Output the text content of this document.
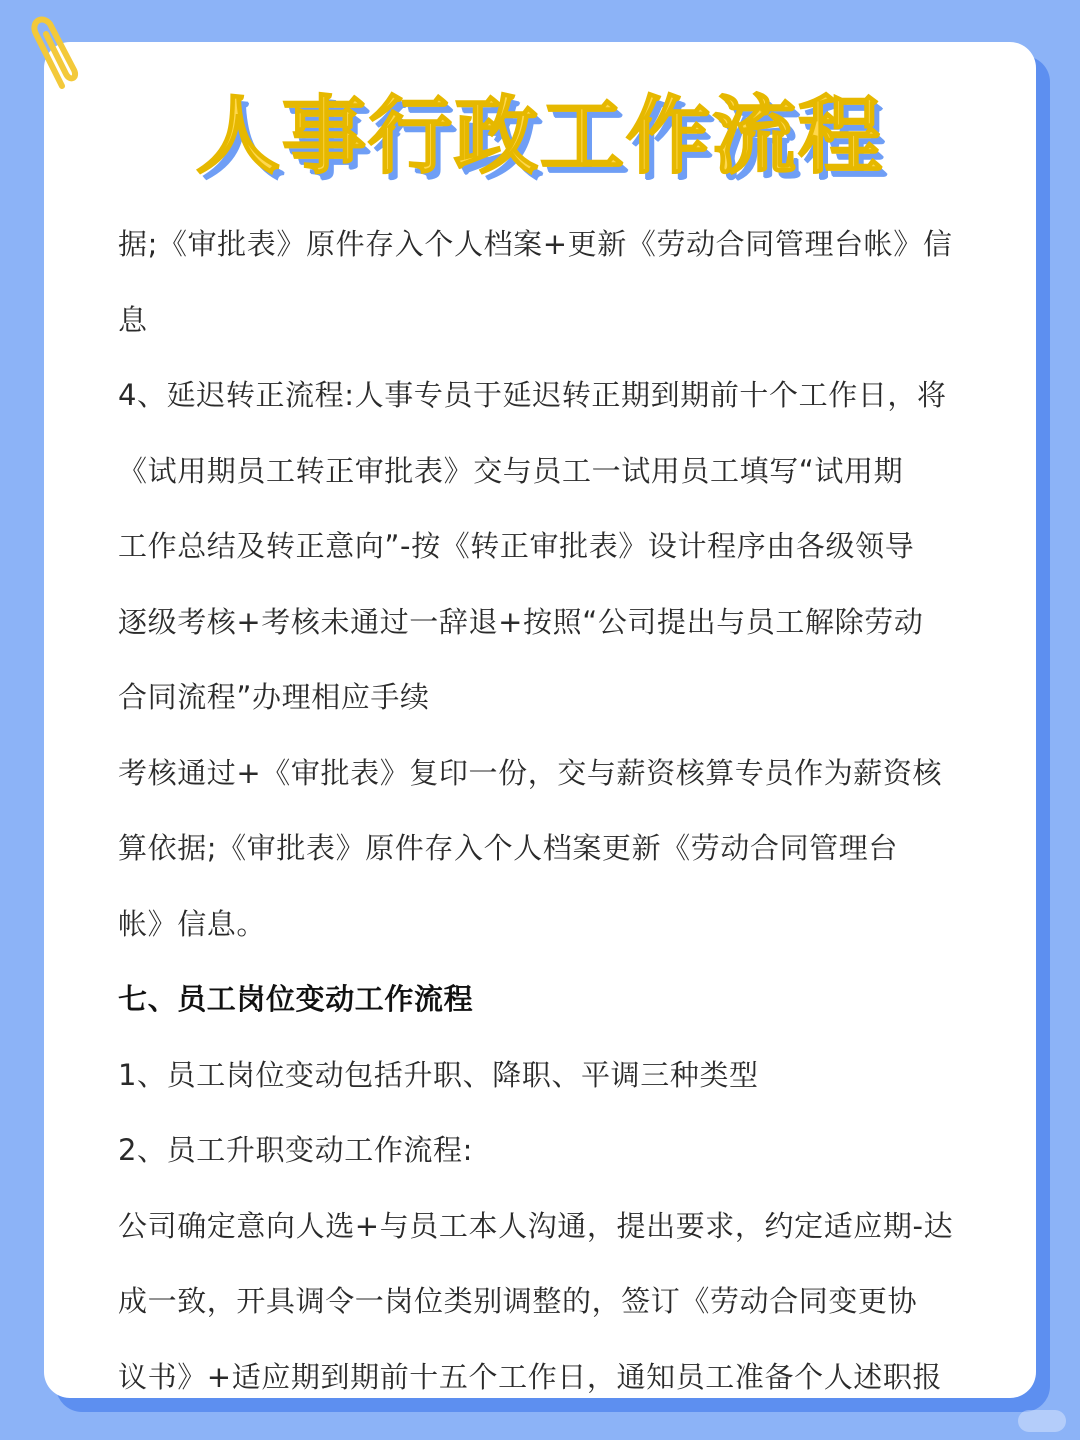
人事行政工作流程
据;《审批表》原件存入个人档案+更新《劳动合同管理台帐》信
息
4、延迟转正流程:人事专员于延迟转正期到期前十个工作日，将
《试用期员工转正审批表》交与员工一试用员工填写“试用期
工作总结及转正意向”-按《转正审批表》设计程序由各级领导
逐级考核+考核未通过一辞退+按照“公司提出与员工解除劳动
合同流程”办理相应手续
考核通过+《审批表》复印一份，交与薪资核算专员作为薪资核
算依据;《审批表》原件存入个人档案更新《劳动合同管理台
帐》信息。
七、员工岗位变动工作流程
1、员工岗位变动包括升职、降职、平调三种类型
2、员工升职变动工作流程:
公司确定意向人选+与员工本人沟通，提出要求，约定适应期-达
成一致，开具调令一岗位类别调整的，签订《劳动合同变更协
议书》+适应期到期前十五个工作日，通知员工准备个人述职报
